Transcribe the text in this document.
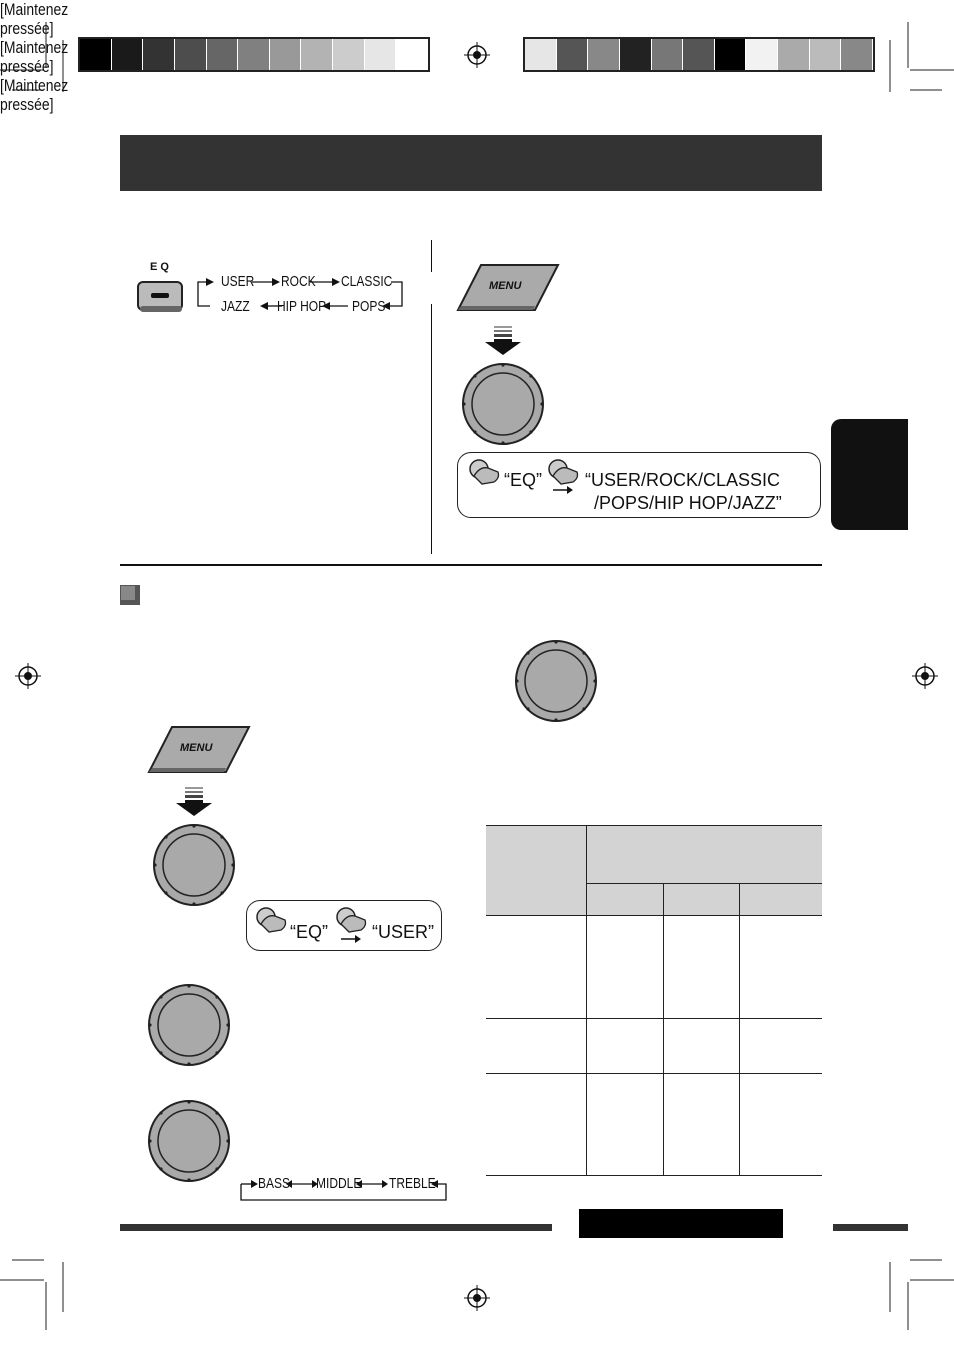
EQ
USER ROCK CLASSIC
POPS
HIP HOP
JAZZ
MENU
[Maintenez
pressée]
“EQ” “USER/ROCK/CLASSIC
/POPS/HIP HOP/JAZZ”
MENU
[Maintenez
pressée]
“EQ” “USER”
[Maintenez
pressée]
BASS MIDDLE TREBLE
